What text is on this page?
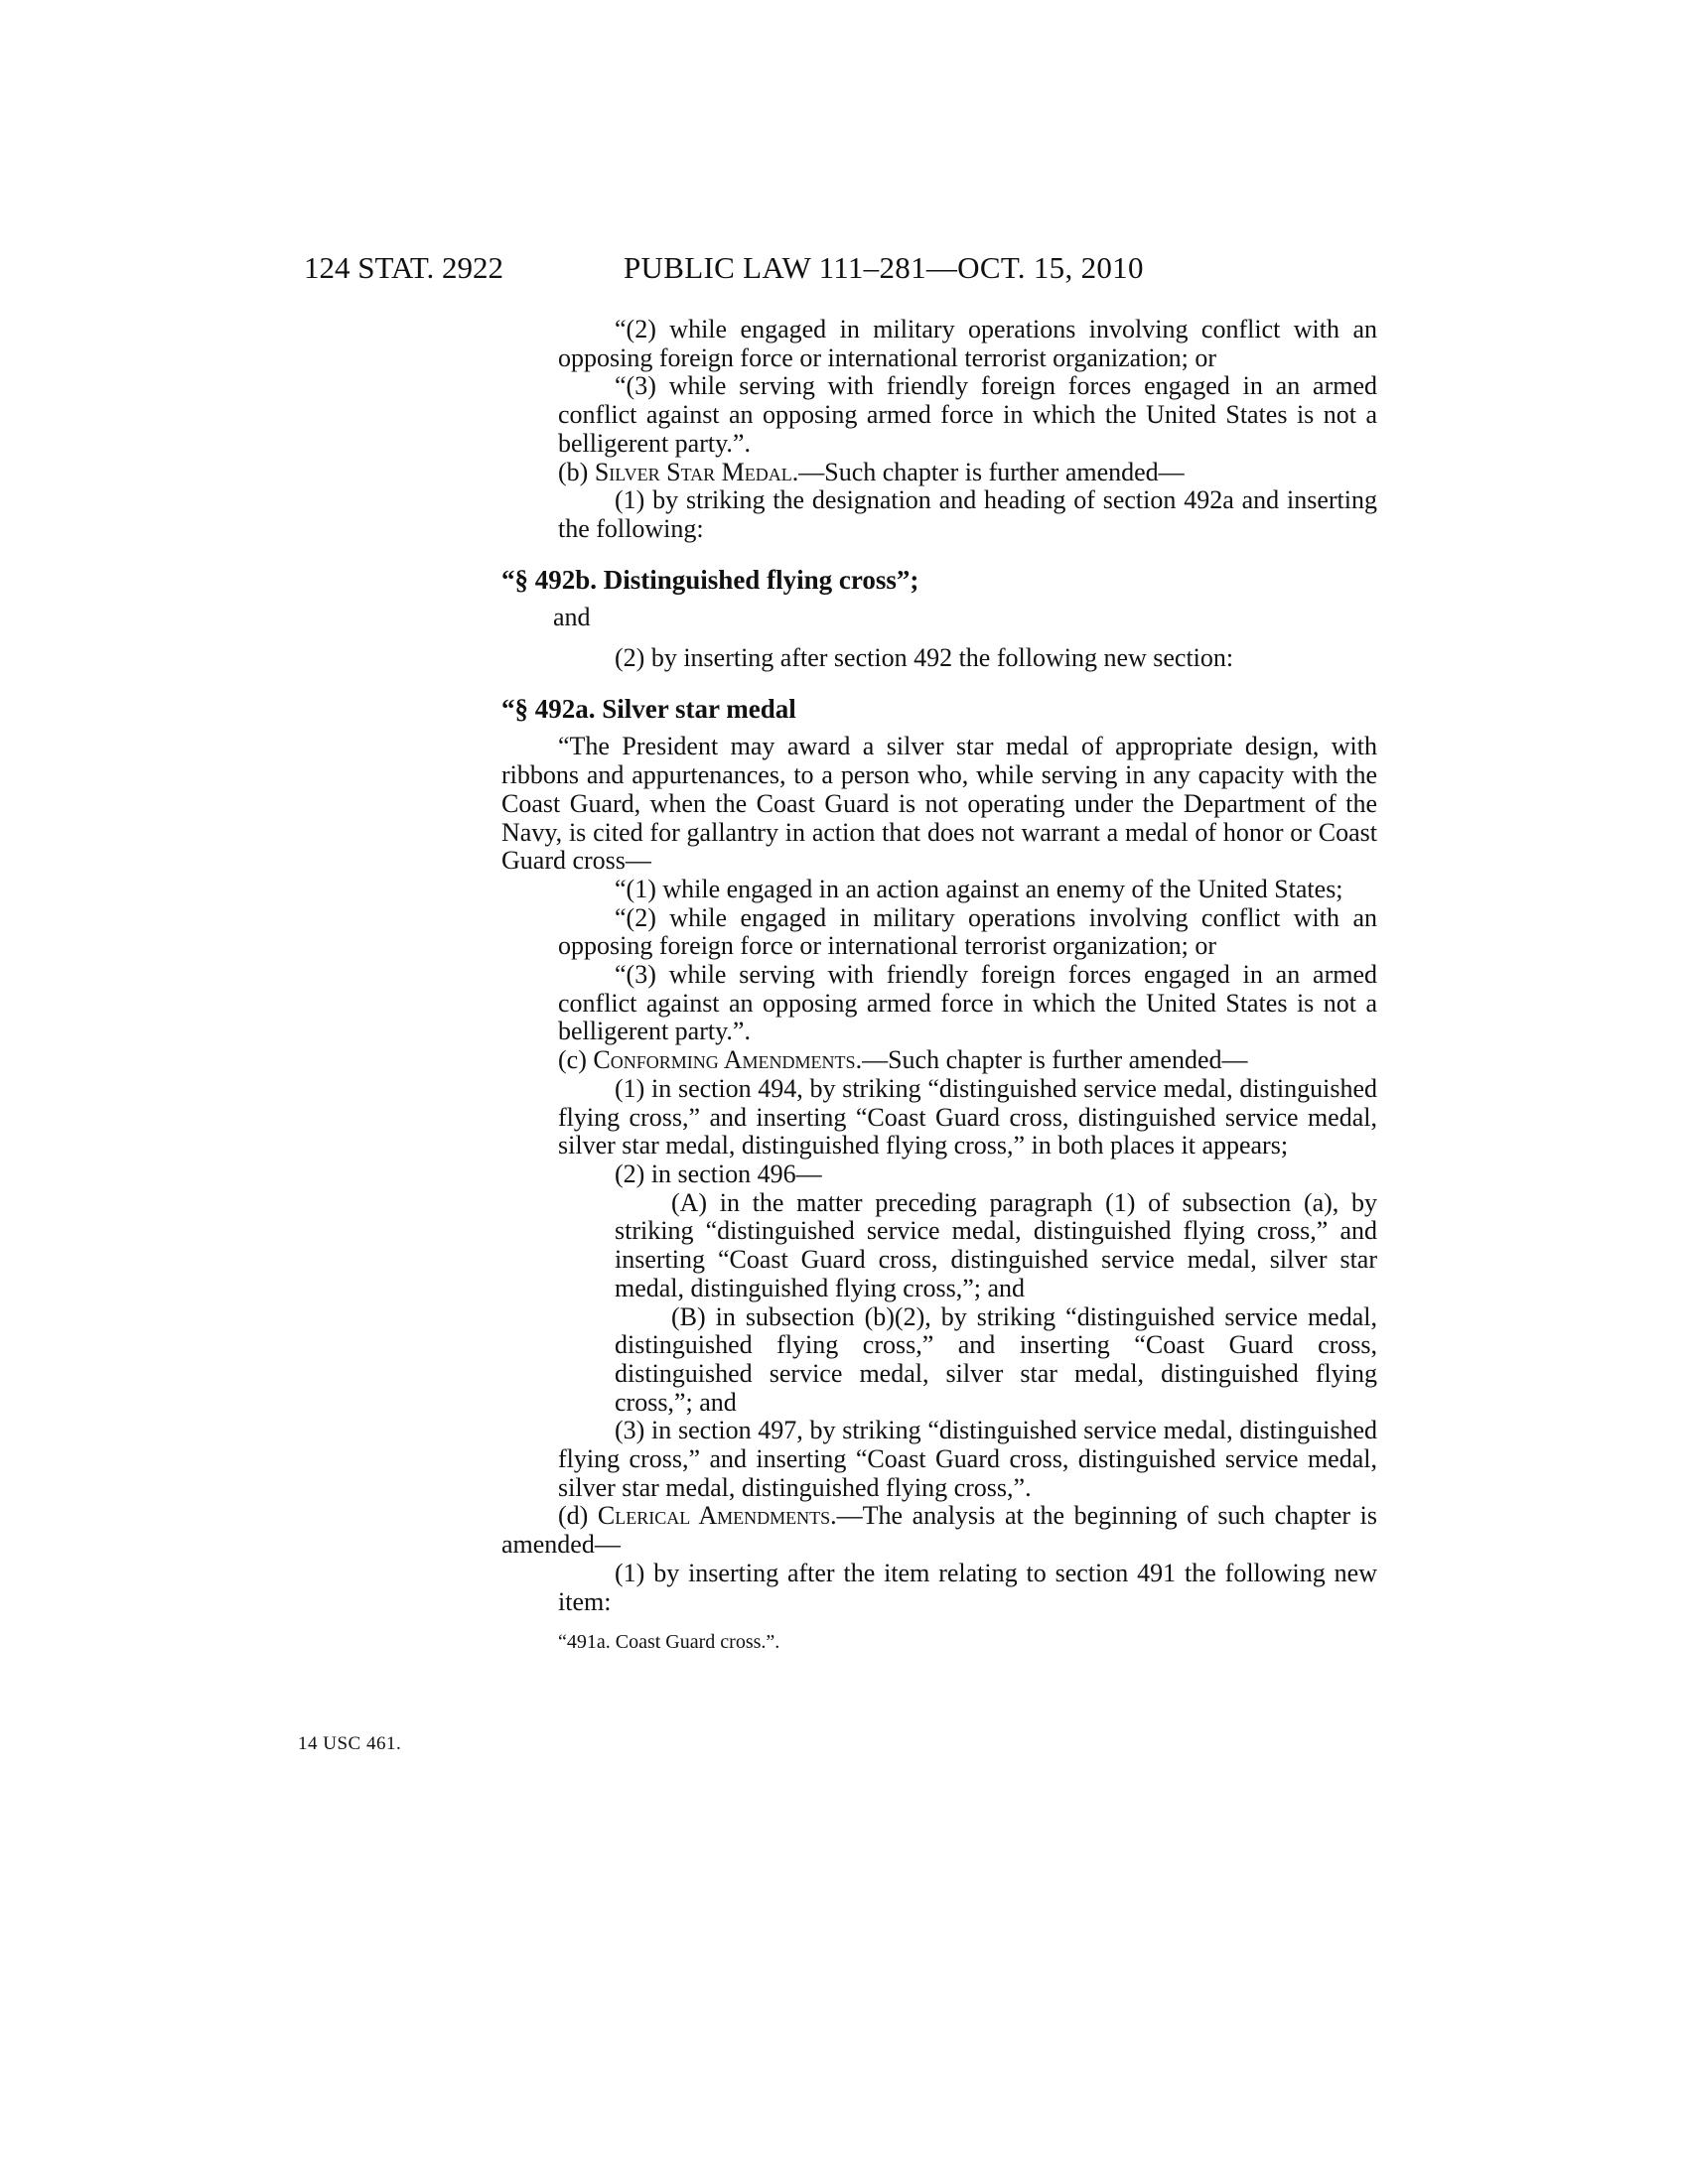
124 STAT. 2922	PUBLIC LAW 111–281—OCT. 15, 2010

“(2) while engaged in military operations involving conflict with an opposing foreign force or international terrorist organization; or

“(3) while serving with friendly foreign forces engaged in an armed conflict against an opposing armed force in which the United States is not a belligerent party.”.

(b) Silver Star Medal.—Such chapter is further amended—

(1) by striking the designation and heading of section 492a and inserting the following:

“§ 492b. Distinguished flying cross”;

and

(2) by inserting after section 492 the following new section:

“§ 492a. Silver star medal

“The President may award a silver star medal of appropriate design, with ribbons and appurtenances, to a person who, while serving in any capacity with the Coast Guard, when the Coast Guard is not operating under the Department of the Navy, is cited for gallantry in action that does not warrant a medal of honor or Coast Guard cross—

“(1) while engaged in an action against an enemy of the United States;

“(2) while engaged in military operations involving conflict with an opposing foreign force or international terrorist organization; or

“(3) while serving with friendly foreign forces engaged in an armed conflict against an opposing armed force in which the United States is not a belligerent party.”.

(c) Conforming Amendments.—Such chapter is further amended—

(1) in section 494, by striking “distinguished service medal, distinguished flying cross,” and inserting “Coast Guard cross, distinguished service medal, silver star medal, distinguished flying cross,” in both places it appears;

(2) in section 496—

(A) in the matter preceding paragraph (1) of subsection (a), by striking “distinguished service medal, distinguished flying cross,” and inserting “Coast Guard cross, distinguished service medal, silver star medal, distinguished flying cross,”; and

(B) in subsection (b)(2), by striking “distinguished service medal, distinguished flying cross,” and inserting “Coast Guard cross, distinguished service medal, silver star medal, distinguished flying cross,”; and

(3) in section 497, by striking “distinguished service medal, distinguished flying cross,” and inserting “Coast Guard cross, distinguished service medal, silver star medal, distinguished flying cross,”.

(d) Clerical Amendments.—The analysis at the beginning of such chapter is amended—

(1) by inserting after the item relating to section 491 the following new item:

“491a. Coast Guard cross.”.

14 USC 461.
